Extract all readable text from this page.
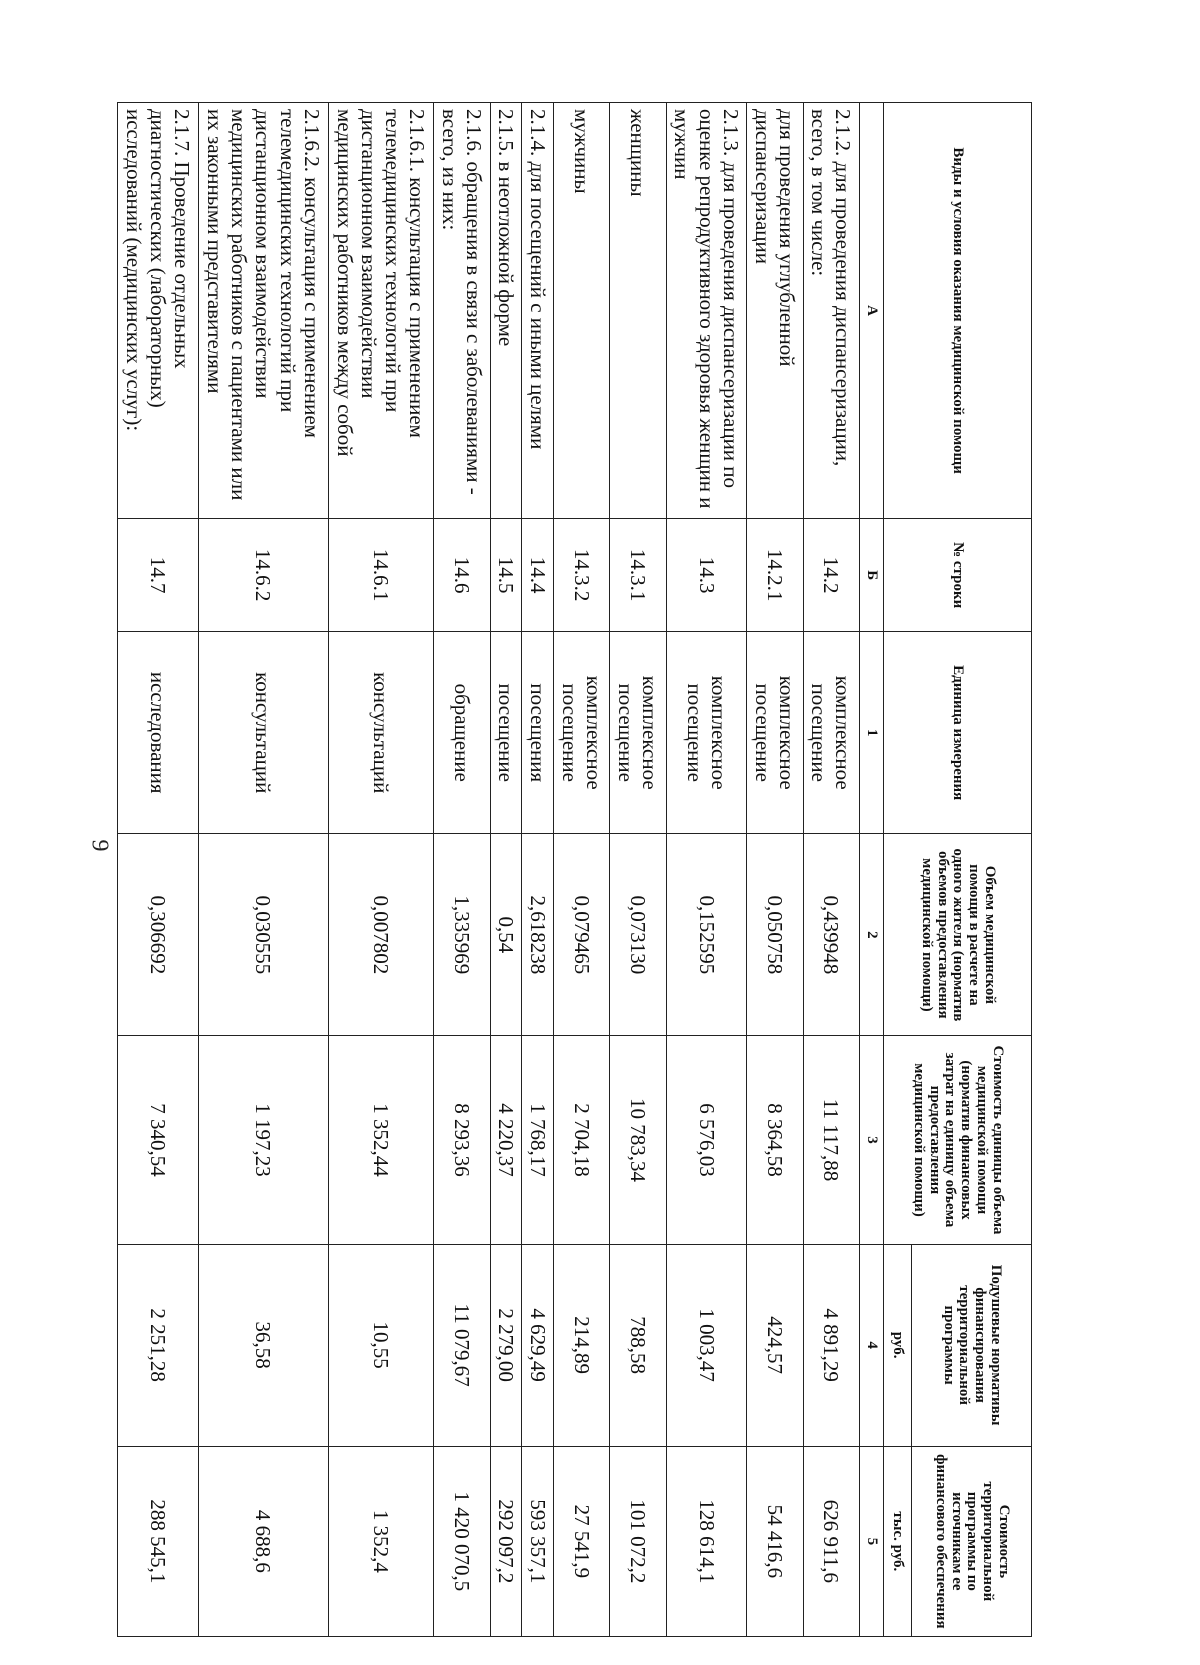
9
Виды и условия оказания медицинской помощи	№ строки	Единица измерения	Объем медицинской помощи в расчете на одного жителя (норматив объемов предоставления медицинской помощи)	Стоимость единицы объема медицинской помощи (норматив финансовых затрат на единицу объема предоставления медицинской помощи)	Подушевые нормативы финансирования территориальной программы	Стоимость территориальной программы по источникам ее финансового обеспечения
					руб.	тыс. руб.
А	Б	1	2	3	4	5
2.1.2. для проведения диспансеризации, всего, в том числе:	14.2	комплексное посещение	0,439948	11 117,88	4 891,29	626 911,6
для проведения углубленной диспансеризации	14.2.1	комплексное посещение	0,050758	8 364,58	424,57	54 416,6
2.1.3. для проведения диспансеризации по оценке репродуктивного здоровья женщин и мужчин	14.3	комплексное посещение	0,152595	6 576,03	1 003,47	128 614,1
женщины	14.3.1	комплексное посещение	0,073130	10 783,34	788,58	101 072,2
мужчины	14.3.2	комплексное посещение	0,079465	2 704,18	214,89	27 541,9
2.1.4. для посещений с иными целями	14.4	посещения	2,618238	1 768,17	4 629,49	593 357,1
2.1.5. в неотложной форме	14.5	посещение	0,54	4 220,37	2 279,00	292 097,2
2.1.6. обращения в связи с заболеваниями - всего, из них:	14.6	обращение	1,335969	8 293,36	11 079,67	1 420 070,5
2.1.6.1. консультация с применением телемедицинских технологий при дистанционном взаимодействии медицинских работников между собой	14.6.1	консультаций	0,007802	1 352,44	10,55	1 352,4
2.1.6.2. консультация с применением телемедицинских технологий при дистанционном взаимодействии медицинских работников с пациентами или их законными представителями	14.6.2	консультаций	0,030555	1 197,23	36,58	4 688,6
2.1.7. Проведение отдельных диагностических (лабораторных) исследований (медицинских услуг):	14.7	исследования	0,306692	7 340,54	2 251,28	288 545,1
